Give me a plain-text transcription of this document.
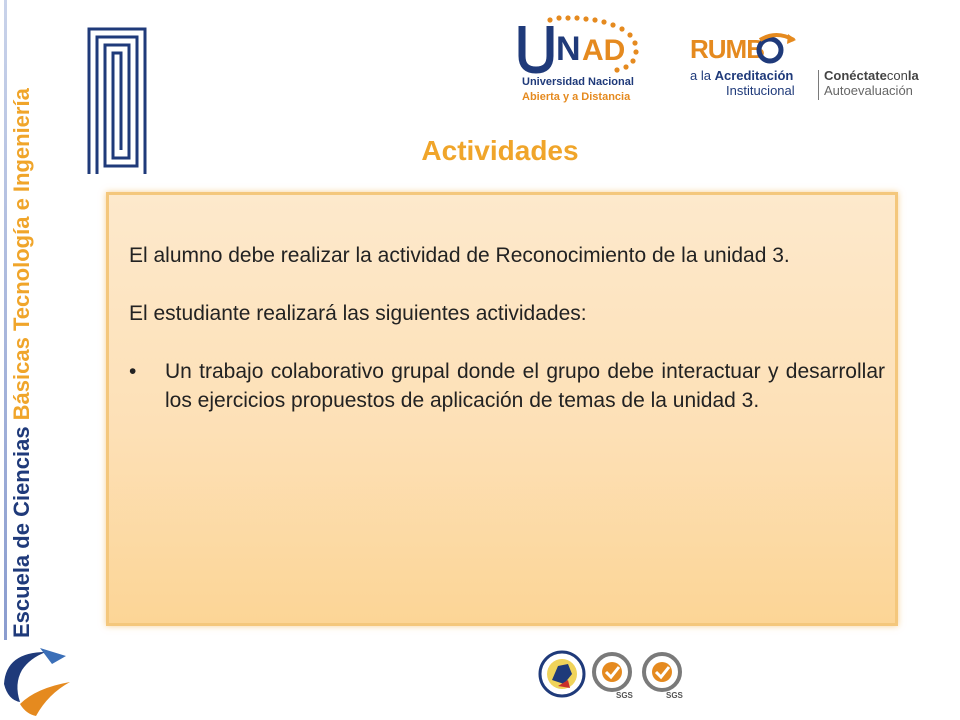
Escuela de Ciencias Básicas Tecnología e Ingeniería
N AD
Universidad Nacional
Abierta y a Distancia
RUMB
a la Acreditación
Institucional
Conéctateconla
Autoevaluación
Actividades

El alumno debe realizar la actividad de Reconocimiento de la unidad 3.

El estudiante realizará las siguientes actividades:

•	Un trabajo colaborativo grupal donde el grupo debe interactuar y desarrollar los ejercicios propuestos de aplicación de temas de la unidad 3.
SGS	SGS
